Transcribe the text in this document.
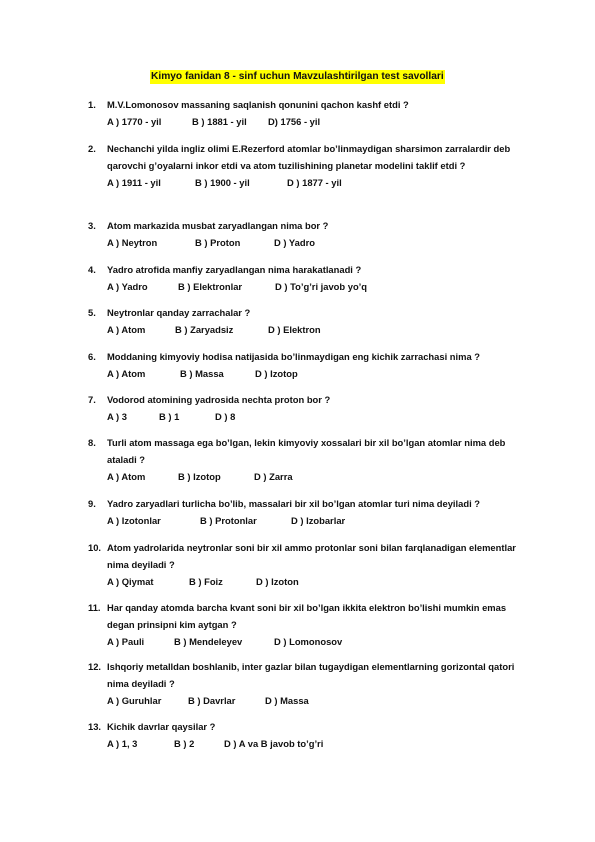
Kimyo fanidan 8 - sinf uchun Mavzulashtirilgan test savollari
1. M.V.Lomonosov massaning saqlanish qonunini qachon kashf etdi ?
A ) 1770 - yil	B ) 1881 - yil D) 1756 - yil
2. Nechanchi yilda ingliz olimi E.Rezerford atomlar bo’linmaydigan sharsimon zarralardir deb qarovchi g’oyalarni inkor etdi va atom tuzilishining planetar modelini taklif etdi ?
A ) 1911 - yil	B ) 1900 - yil	D ) 1877 - yil
3. Atom markazida musbat zaryadlangan nima bor ?
A ) Neytron	B ) Proton	D ) Yadro
4. Yadro atrofida manfiy zaryadlangan nima harakatlanadi ?
A ) Yadro	B ) Elektronlar	D ) To’g’ri javob yo’q
5. Neytronlar qanday zarrachalar ?
A ) Atom	B ) Zaryadsiz	D ) Elektron
6. Moddaning kimyoviy hodisa natijasida bo’linmaydigan eng kichik zarrachasi nima ?
A ) Atom	B ) Massa	D ) Izotop
7. Vodorod atomining yadrosida nechta proton bor ?
A ) 3	B ) 1	D ) 8
8. Turli atom massaga ega bo’lgan, lekin kimyoviy xossalari bir xil bo’lgan atomlar nima deb ataladi ?
A ) Atom	B ) Izotop	D ) Zarra
9. Yadro zaryadlari turlicha bo’lib, massalari bir xil bo’lgan atomlar turi nima deyiladi ?
A ) Izotonlar	B ) Protonlar	D ) Izobarlar
10. Atom yadrolarida neytronlar soni bir xil ammo protonlar soni bilan farqlanadigan elementlar nima deyiladi ?
A ) Qiymat	B ) Foiz	D ) Izoton
11. Har qanday atomda barcha kvant soni bir xil bo’lgan ikkita elektron bo’lishi mumkin emas degan prinsipni kim aytgan ?
A ) Pauli	B ) Mendeleyev	D ) Lomonosov
12. Ishqoriy metalldan boshlanib, inter gazlar bilan tugaydigan elementlarning gorizontal qatori nima deyiladi ?
A ) Guruhlar	B ) Davrlar	D ) Massa
13. Kichik davrlar qaysilar ?
A ) 1, 3	B ) 2	D ) A va B javob to’g’ri
